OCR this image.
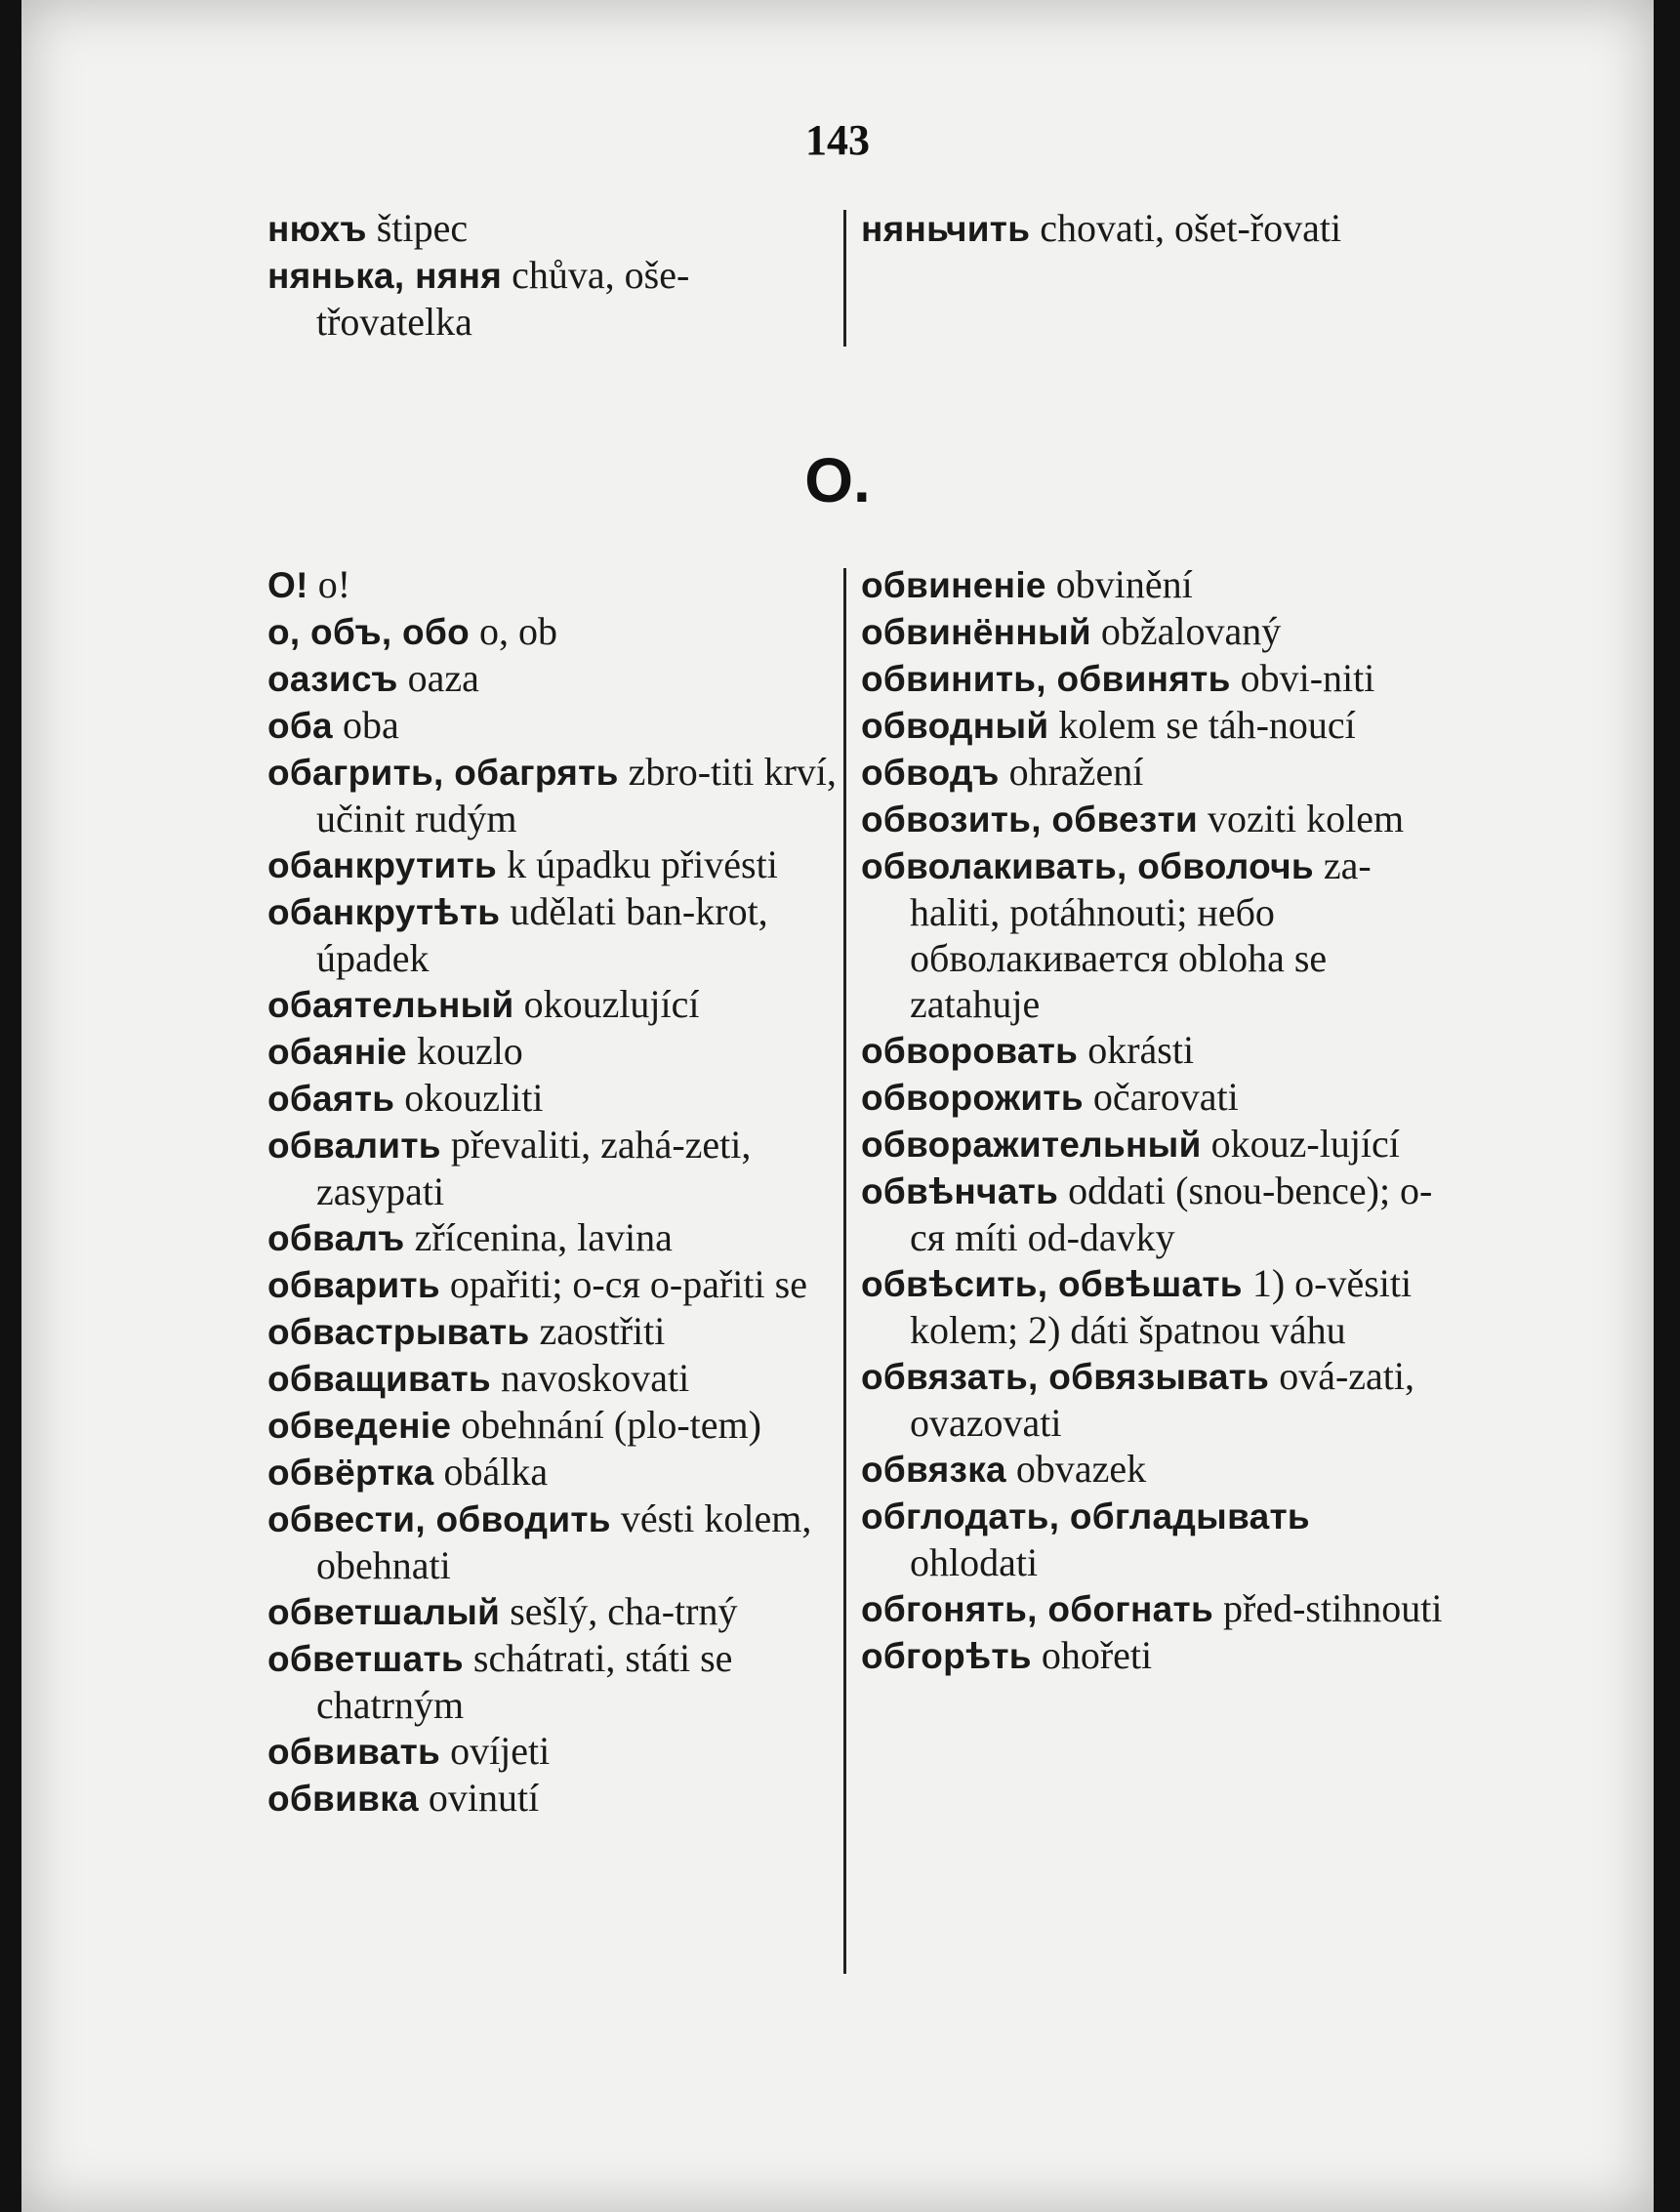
143

нюхъ štipec

нянька, няня chůva, oše-třovatelka

няньчить chovati, ošet-řovati

O.

О! o!

о, объ, обо o, ob

оазисъ oaza

оба oba

обагрить, обагрять zbro-titi krví, učinit rudým

обанкрутить k úpadku přivésti

обанкрутѣть udělati ban-krot, úpadek

обаятельный okouzlující

обаяніе kouzlo

обаять okouzliti

обвалить převaliti, zahá-zeti, zasypati

обвалъ zřícenina, lavina

обварить opařiti; о-ся o-pařiti se

обвастрывать zaostřiti

обващивать navoskovati

обведеніе obehnání (plo-tem)

обвёртка obálka

обвести, обводить vésti kolem, obehnati

обветшалый sešlý, cha-trný

обветшать schátrati, státi se chatrným

обвивать ovíjeti

обвивка ovinutí

обвиненіе obvinění

обвинённый obžalovaný

обвинить, обвинять obvi-niti

обводный kolem se táh-noucí

обводъ ohražení

обвозить, обвезти voziti kolem

обволакивать, обволочь za-haliti, potáhnouti; небо обволакивается obloha se zatahuje

обворовать okrásti

обворожить očarovati

обворажительный okouz-lující

обвѣнчать oddati (snou-bence); о-ся míti od-davky

обвѣсить, обвѣшать 1) o-věsiti kolem; 2) dáti špatnou váhu

обвязать, обвязывать ová-zati, ovazovati

обвязка obvazek

обглодать, обгладывать ohlodati

обгонять, обогнать před-stihnouti

обгорѣть ohořeti
